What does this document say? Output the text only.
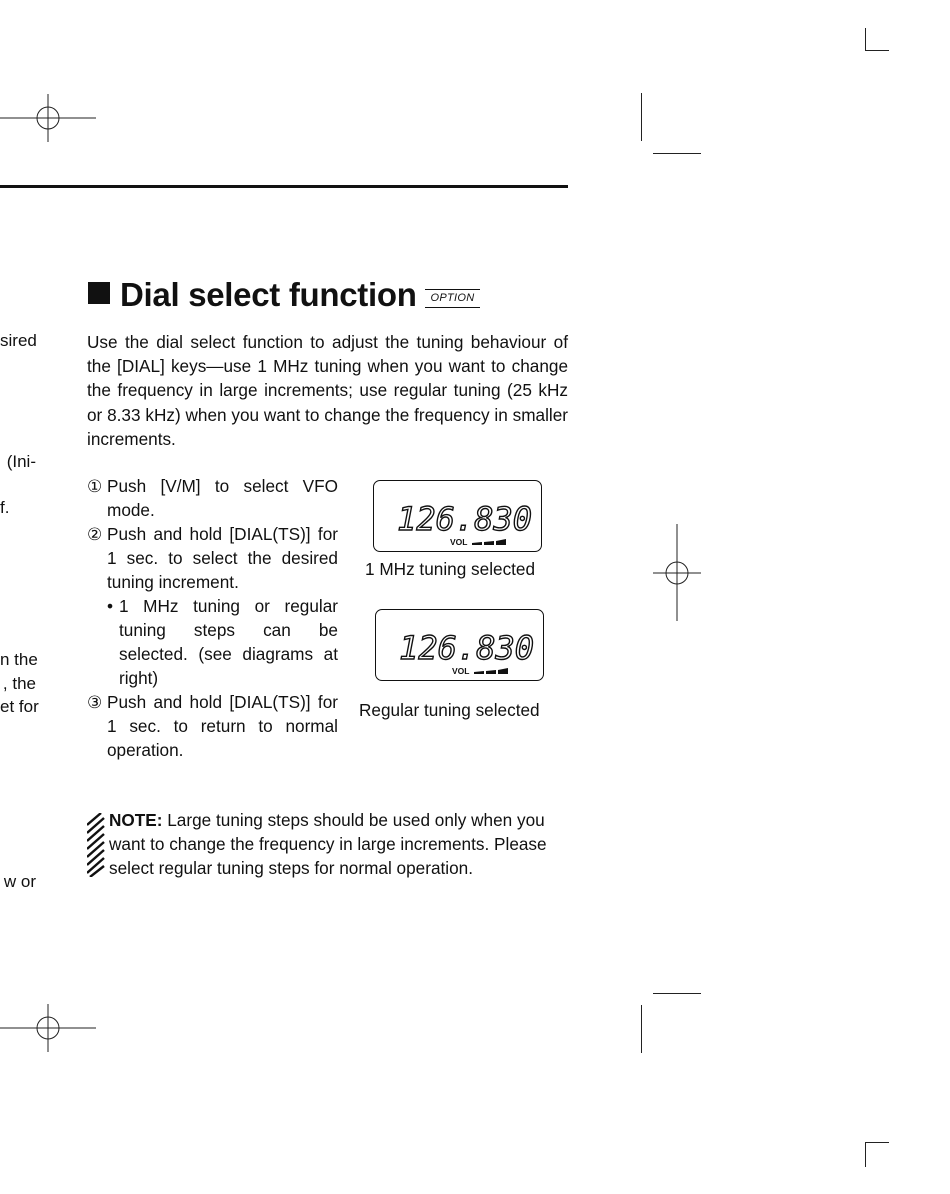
sired
(Ini-
f.
n the
, the
et for
w or
Dial select function	OPTION
Use the dial select function to adjust the tuning behaviour of the [DIAL] keys—use 1 MHz tuning when you want to change the frequency in large increments; use regular tuning (25 kHz or 8.33 kHz) when you want to change the frequency in smaller increments.
① Push [V/M] to select VFO mode.
② Push and hold [DIAL(TS)] for 1 sec. to select the desired tuning increment.
• 1 MHz tuning or regular tuning steps can be selected. (see diagrams at right)
③ Push and hold [DIAL(TS)] for 1 sec. to return to normal operation.
126.830
VOL
1 MHz tuning selected
126.830
VOL
Regular tuning selected
NOTE: Large tuning steps should be used only when you want to change the frequency in large increments. Please select regular tuning steps for normal operation.
